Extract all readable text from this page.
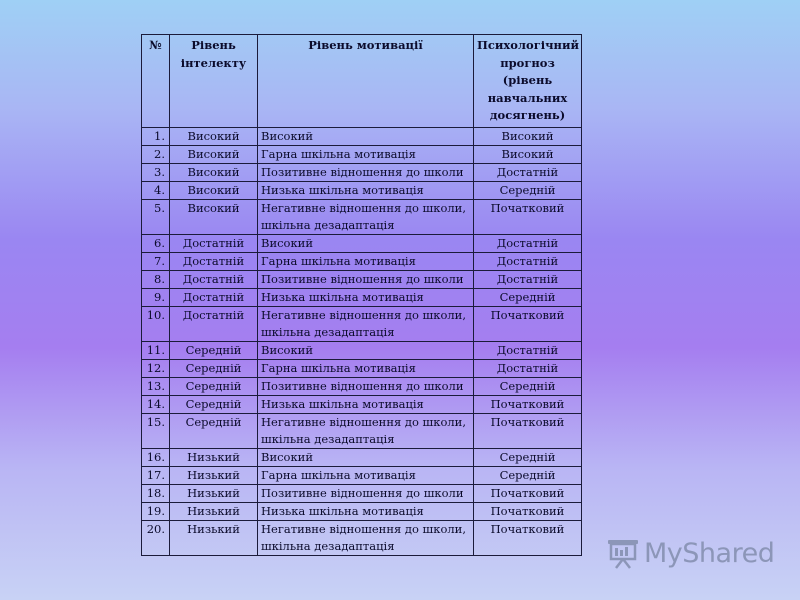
№	Рівень інтелекту	Рівень мотивації	Психологічний прогноз (рівень навчальних досягнень)
1.	Високий	Високий	Високий
2.	Високий	Гарна шкільна мотивація	Високий
3.	Високий	Позитивне відношення до школи	Достатній
4.	Високий	Низька шкільна мотивація	Середній
5.	Високий	Негативне відношення до школи, шкільна дезадаптація	Початковий
6.	Достатній	Високий	Достатній
7.	Достатній	Гарна шкільна мотивація	Достатній
8.	Достатній	Позитивне відношення до школи	Достатній
9.	Достатній	Низька шкільна мотивація	Середній
10.	Достатній	Негативне відношення до школи, шкільна дезадаптація	Початковий
11.	Середній	Високий	Достатній
12.	Середній	Гарна шкільна мотивація	Достатній
13.	Середній	Позитивне відношення до школи	Середній
14.	Середній	Низька шкільна мотивація	Початковий
15.	Середній	Негативне відношення до школи, шкільна дезадаптація	Початковий
16.	Низький	Високий	Середній
17.	Низький	Гарна шкільна мотивація	Середній
18.	Низький	Позитивне відношення до школи	Початковий
19.	Низький	Низька шкільна мотивація	Початковий
20.	Низький	Негативне відношення до школи, шкільна дезадаптація	Початковий
MyShared
